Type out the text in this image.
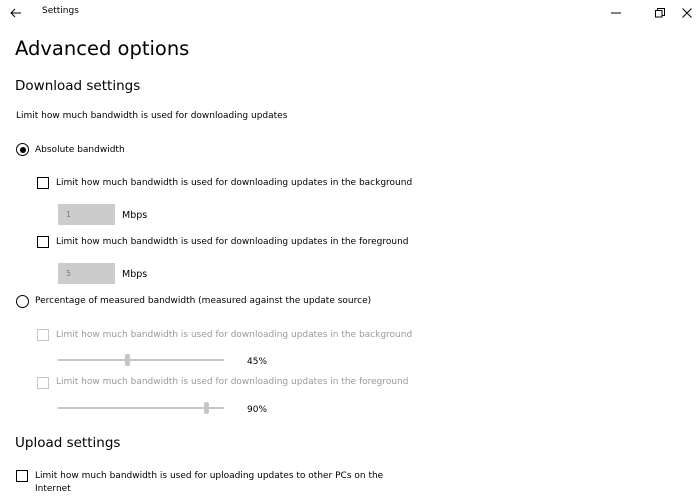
Settings
Advanced options
Download settings
Limit how much bandwidth is used for downloading updates
Absolute bandwidth
Limit how much bandwidth is used for downloading updates in the background
1	Mbps
Limit how much bandwidth is used for downloading updates in the foreground
5	Mbps
Percentage of measured bandwidth (measured against the update source)
Limit how much bandwidth is used for downloading updates in the background
45%
Limit how much bandwidth is used for downloading updates in the foreground
90%
Upload settings
Limit how much bandwidth is used for uploading updates to other PCs on the
Internet
